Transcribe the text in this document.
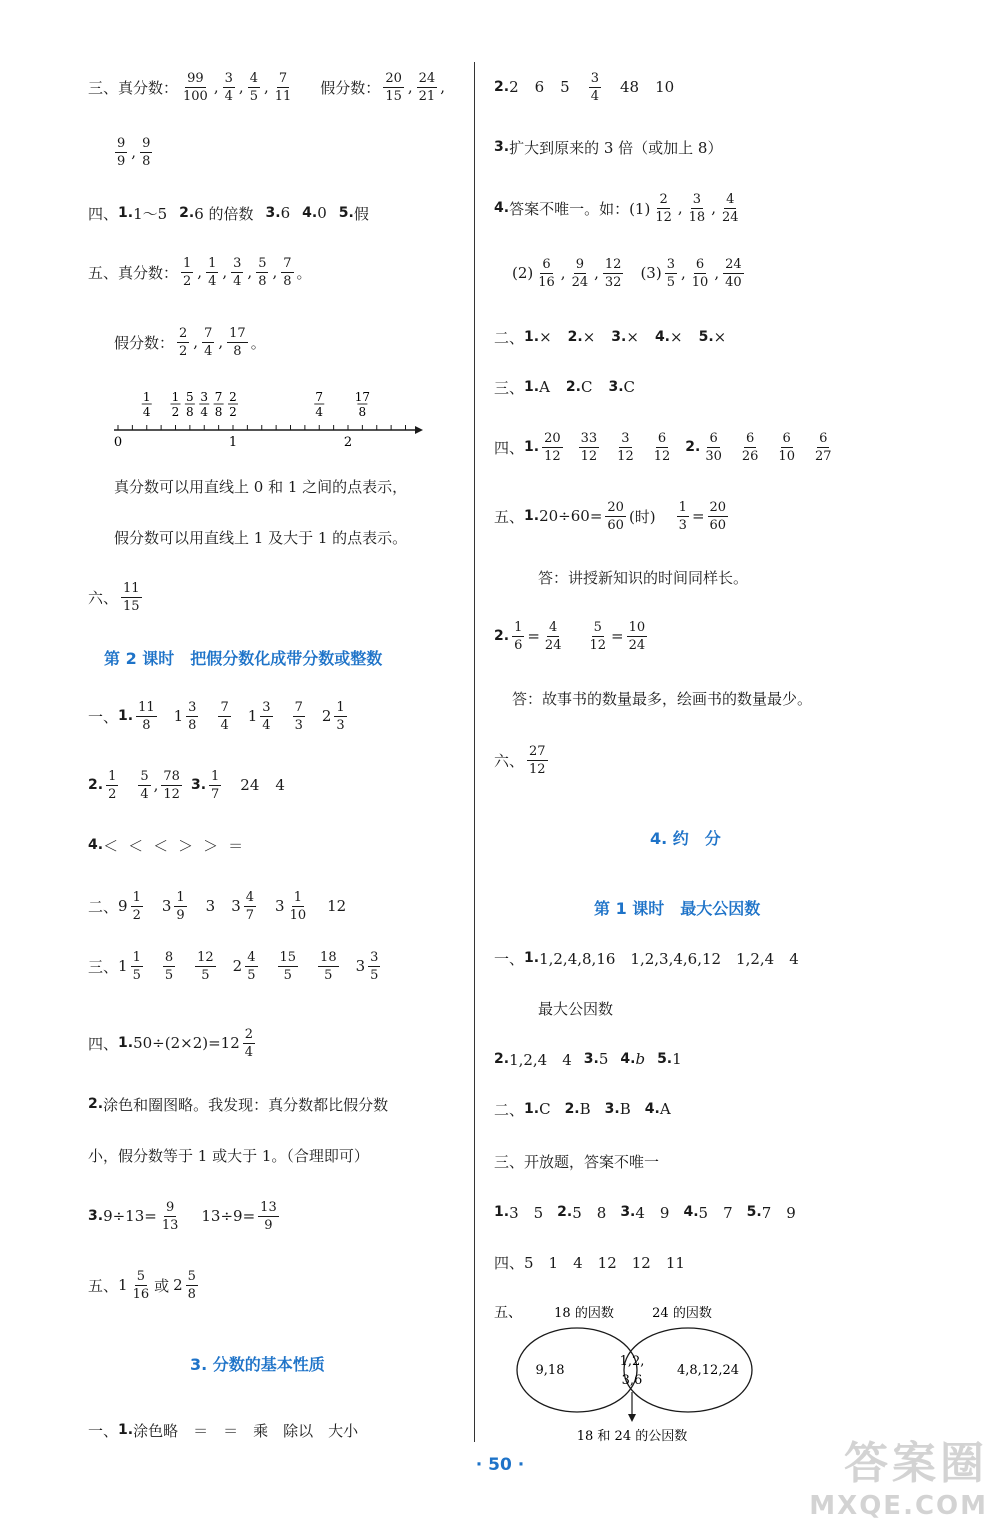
· 50 ·	答案圈
MXQE.COM
三、真分数： $\frac{99}{100}$ , $\frac{3}{4}$ , $\frac{4}{5}$ , $\frac{7}{11}$ 假分数： $\frac{20}{15}$ , $\frac{24}{21}$ ,
$\frac{9}{9}$ , $\frac{9}{8}$
四、 1. 1～5 2. 6 的倍数 3. 6 4. 0 5. 假
五、真分数： $\frac{1}{2}$ , $\frac{1}{4}$ , $\frac{3}{4}$ , $\frac{5}{8}$ , $\frac{7}{8}$ 。
假分数： $\frac{2}{2}$ , $\frac{7}{4}$ , $\frac{17}{8}$ 。
0	1	2
1
4
1
2
5
8
3
4
7
8
2
2
7
4
17
8
真分数可以用直线上 0 和 1 之间的点表示，
假分数可以用直线上 1 及大于 1 的点表示。
六、 $\frac{11}{15}$
第 2 课时　把假分数化成带分数或整数
一、 1. $\frac{11}{8} 1 \frac{3}{8} \frac{7}{4} 1 \frac{3}{4} \frac{7}{3} 2 \frac{1}{3}$
2. $\frac{1}{2} \frac{5}{4}$ , $\frac{78}{12} 3$. $\frac{1}{7} 24$ 4
4. ＜ ＜ ＜ ＞ ＞ ＝
二、 $9 \frac{1}{2} 3 \frac{1}{9} 3$ $3 \frac{4}{7} 3 \frac{1}{10} 12$
三、 $1 \frac{1}{5} \frac{8}{5} \frac{12}{5} 2 \frac{4}{5} \frac{15}{5} \frac{18}{5} 3 \frac{3}{5}$
四、 1. $50\div(2\times 2)=12 \frac{2}{4}$
2. 涂色和圈图略。我发现：真分数都比假分数
小，假分数等于 1 或大于 1。（合理即可）
3. $9\div 13= \frac{9}{13} 13\div 9= \frac{13}{9}$
五、 $1 \frac{5}{16}$ 或 $2 \frac{5}{8}$
3. 分数的基本性质
一、 1. 涂色略　＝　＝　乘　除以　大小
2. 2 6 $5 \frac{3}{4} 48$ 10
3. 扩大到原来的 3 倍（或加上 8）
4. 答案不唯一。如：$(1) \frac{2}{12}$ , $\frac{3}{18}$ , $\frac{4}{24}$
$(2) \frac{6}{16}$ , $\frac{9}{24}$ , $\frac{12}{32} (3) \frac{3}{5}$ , $\frac{6}{10}$ , $\frac{24}{40}$
二、 1. × 2. × 3. × 4. × 5. ×
三、 1. A 2. C 3. C
四、 1. $\frac{20}{12} \frac{33}{12} \frac{3}{12} \frac{6}{12} 2$. $\frac{6}{30} \frac{6}{26} \frac{6}{10} \frac{6}{27}$
五、 1. $20\div 60= \frac{20}{60}$ (时) $\frac{1}{3} = \frac{20}{60}$
答：讲授新知识的时间同样长。
2. $\frac{1}{6} = \frac{4}{24} \frac{5}{12} = \frac{10}{24}$
答：故事书的数量最多，绘画书的数量最少。
六、 $\frac{27}{12}$
4. 约　分
第 1 课时　最大公因数
一、 1. 1,2,4,8,16　1,2,3,4,6,12　1,2,4　4
最大公因数
2. 1,2,4　4 3. 5 4. b 5. 1
二、 1. C 2. B 3. B 4. A
三、开放题，答案不唯一
1. 3　5 2. 5　8 3. 4　9 4. 5　7 5. 7　9
四、 5　1　4　12　12　11
五、 18 的因数	24 的因数
9,18
1,2,
3,6
4,8,12,24
18 和 24 的公因数
